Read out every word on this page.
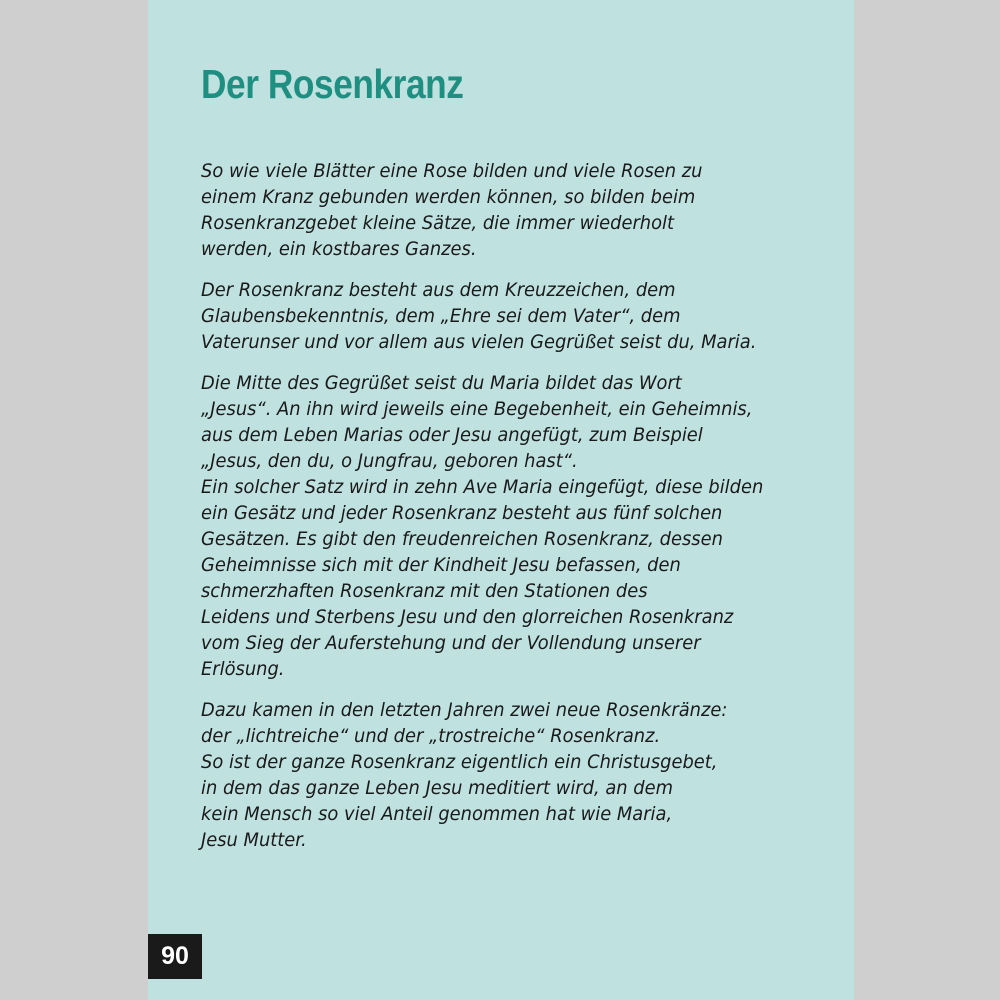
Der Rosenkranz

So wie viele Blätter eine Rose bilden und viele Rosen zu
einem Kranz gebunden werden können, so bilden beim
Rosenkranzgebet kleine Sätze, die immer wiederholt
werden, ein kostbares Ganzes.

Der Rosenkranz besteht aus dem Kreuzzeichen, dem
Glaubensbekenntnis, dem „Ehre sei dem Vater“, dem
Vaterunser und vor allem aus vielen Gegrüßet seist du, Maria.

Die Mitte des Gegrüßet seist du Maria bildet das Wort
„Jesus“. An ihn wird jeweils eine Begebenheit, ein Geheimnis,
aus dem Leben Marias oder Jesu angefügt, zum Beispiel
„Jesus, den du, o Jungfrau, geboren hast“.
Ein solcher Satz wird in zehn Ave Maria eingefügt, diese bilden
ein Gesätz und jeder Rosenkranz besteht aus fünf solchen
Gesätzen. Es gibt den freudenreichen Rosenkranz, dessen
Geheimnisse sich mit der Kindheit Jesu befassen, den
schmerzhaften Rosenkranz mit den Stationen des
Leidens und Sterbens Jesu und den glorreichen Rosenkranz
vom Sieg der Auferstehung und der Vollendung unserer
Erlösung.

Dazu kamen in den letzten Jahren zwei neue Rosenkränze:
der „lichtreiche“ und der „trostreiche“ Rosenkranz.
So ist der ganze Rosenkranz eigentlich ein Christusgebet,
in dem das ganze Leben Jesu meditiert wird, an dem
kein Mensch so viel Anteil genommen hat wie Maria,
Jesu Mutter.

90
